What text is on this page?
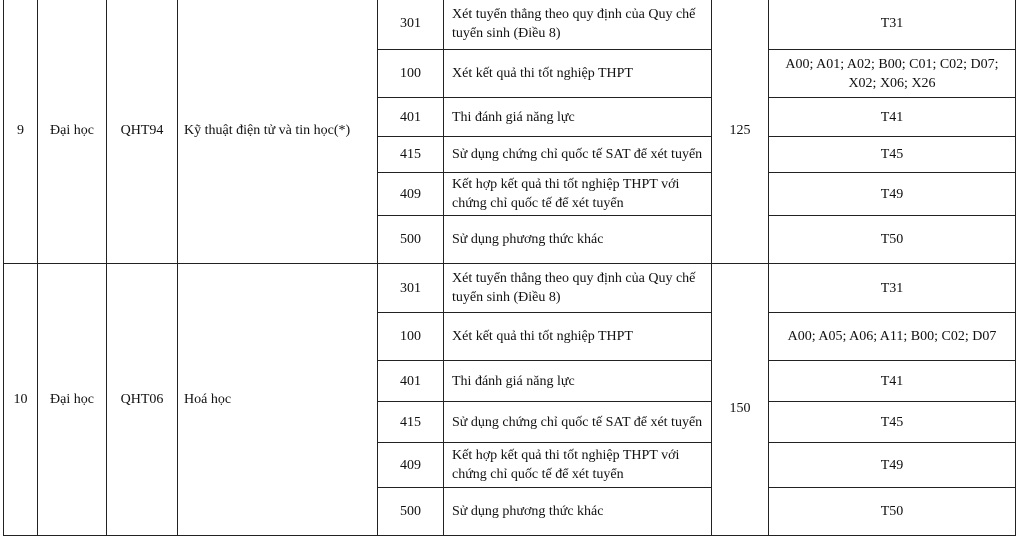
9	Đại học	QHT94	Kỹ thuật điện tử và tin học(*)	301	Xét tuyển thẳng theo quy định của Quy chế tuyển sinh (Điều 8)	125	T31
				100	Xét kết quả thi tốt nghiệp THPT		A00; A01; A02; B00; C01; C02; D07; X02; X06; X26
				401	Thi đánh giá năng lực		T41
				415	Sử dụng chứng chỉ quốc tế SAT để xét tuyển		T45
				409	Kết hợp kết quả thi tốt nghiệp THPT với chứng chỉ quốc tế để xét tuyển		T49
				500	Sử dụng phương thức khác		T50
10	Đại học	QHT06	Hoá học	301	Xét tuyển thẳng theo quy định của Quy chế tuyển sinh (Điều 8)	150	T31
				100	Xét kết quả thi tốt nghiệp THPT		A00; A05; A06; A11; B00; C02; D07
				401	Thi đánh giá năng lực		T41
				415	Sử dụng chứng chỉ quốc tế SAT để xét tuyển		T45
				409	Kết hợp kết quả thi tốt nghiệp THPT với chứng chỉ quốc tế để xét tuyển		T49
				500	Sử dụng phương thức khác		T50
